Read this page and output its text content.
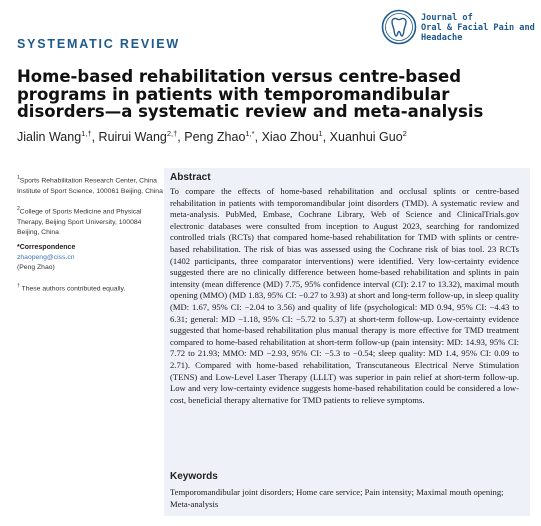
Journal of
Oral & Facial Pain and
Headache
SYSTEMATIC REVIEW
Home-based rehabilitation versus centre-based programs in patients with temporomandibular disorders—a systematic review and meta-analysis
Jialin Wang$^{1,\dagger}$, Ruirui Wang$^{2,\dagger}$, Peng Zhao$^{1,*}$, Xiao Zhou$^1$, Xuanhui Guo$^2$
$^1$Sports Rehabilitation Research Center, China Institute of Sport Science, 100061 Beijing, China
$^2$College of Sports Medicine and Physical Therapy, Beijing Sport University, 100084 Beijing, China
*Correspondence
zhaopeng@ciss.cn
(Peng Zhao)
† These authors contributed equally.
Abstract

To compare the effects of home-based rehabilitation and occlusal splints or centre-based rehabilitation in patients with temporomandibular joint disorders (TMD). A systematic review and meta-analysis. PubMed, Embase, Cochrane Library, Web of Science and ClinicalTrials.gov electronic databases were consulted from inception to August 2023, searching for randomized controlled trials (RCTs) that compared home-based rehabilitation for TMD with splints or centre-based rehabilitation. The risk of bias was assessed using the Cochrane risk of bias tool. 23 RCTs (1402 participants, three comparator interventions) were identified. Very low-certainty evidence suggested there are no clinically difference between home-based rehabilitation and splints in pain intensity (mean difference (MD) 7.75, 95% confidence interval (CI): 2.17 to 13.32), maximal mouth opening (MMO) (MD 1.83, 95% CI: −0.27 to 3.93) at short and long-term follow-up, in sleep quality (MD: 1.67, 95% CI: −2.04 to 3.56) and quality of life (psychological: MD 0.94, 95% CI: −4.43 to 6.31; general: MD −1.18, 95% CI: −5.72 to 5.37) at short-term follow-up. Low-certainty evidence suggested that home-based rehabilitation plus manual therapy is more effective for TMD treatment compared to home-based rehabilitation at short-term follow-up (pain intensity: MD: 14.93, 95% CI: 7.72 to 21.93; MMO: MD −2.93, 95% CI: −5.3 to −0.54; sleep quality: MD 1.4, 95% CI: 0.09 to 2.71). Compared with home-based rehabilitation, Transcutaneous Electrical Nerve Stimulation (TENS) and Low-Level Laser Therapy (LLLT) was superior in pain relief at short-term follow-up. Low and very low-certainty evidence suggests home-based rehabilitation could be considered a low-cost, beneficial therapy alternative for TMD patients to relieve symptoms.

Keywords

Temporomandibular joint disorders; Home care service; Pain intensity; Maximal mouth opening; Meta-analysis
